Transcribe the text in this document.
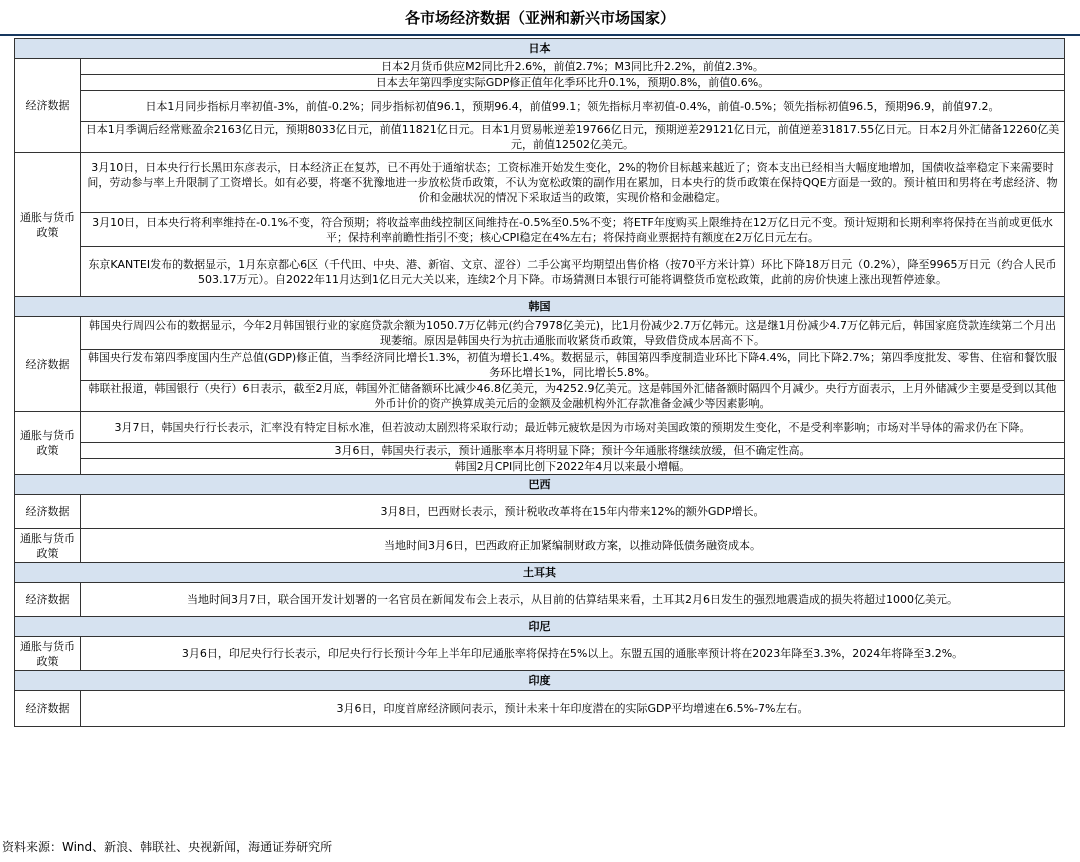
各市场经济数据（亚洲和新兴市场国家）
日本	
经济数据	日本2月货币供应M2同比升2.6%，前值2.7%；M3同比升2.2%，前值2.3%。
	日本去年第四季度实际GDP修正值年化季环比升0.1%，预期0.8%，前值0.6%。
	日本1月同步指标月率初值-3%，前值-0.2%；同步指标初值96.1，预期96.4，前值99.1；领先指标月率初值-0.4%，前值-0.5%；领先指标初值96.5，预期96.9，前值97.2。
	日本1月季调后经常账盈余2163亿日元，预期8033亿日元，前值11821亿日元。日本1月贸易帐逆差19766亿日元，预期逆差29121亿日元，前值逆差31817.55亿日元。日本2月外汇储备12260亿美元，前值12502亿美元。
通胀与货币政策	3月10日，日本央行行长黑田东彦表示，日本经济正在复苏，已不再处于通缩状态；工资标准开始发生变化，2%的物价目标越来越近了；资本支出已经相当大幅度地增加，国债收益率稳定下来需要时间，劳动参与率上升限制了工资增长。如有必要，将毫不犹豫地进一步放松货币政策，不认为宽松政策的副作用在累加，日本央行的货币政策在保持QQE方面是一致的。预计植田和男将在考虑经济、物价和金融状况的情况下采取适当的政策，实现价格和金融稳定。
	3月10日，日本央行将利率维持在-0.1%不变，符合预期；将收益率曲线控制区间维持在-0.5%至0.5%不变；将ETF年度购买上限维持在12万亿日元不变。预计短期和长期利率将保持在当前或更低水平；保持利率前瞻性指引不变；核心CPI稳定在4%左右；将保持商业票据持有额度在2万亿日元左右。
	东京KANTEI发布的数据显示，1月东京都心6区（千代田、中央、港、新宿、文京、涩谷）二手公寓平均期望出售价格（按70平方米计算）环比下降18万日元（0.2%），降至9965万日元（约合人民币503.17万元）。自2022年11月达到1亿日元大关以来，连续2个月下降。市场猜测日本银行可能将调整货币宽松政策，此前的房价快速上涨出现暂停迹象。
韩国	
经济数据	韩国央行周四公布的数据显示，今年2月韩国银行业的家庭贷款余额为1050.7万亿韩元(约合7978亿美元)，比1月份减少2.7万亿韩元。这是继1月份减少4.7万亿韩元后，韩国家庭贷款连续第二个月出现萎缩。原因是韩国央行为抗击通胀而收紧货币政策，导致借贷成本居高不下。
	韩国央行发布第四季度国内生产总值(GDP)修正值，当季经济同比增长1.3%，初值为增长1.4%。数据显示，韩国第四季度制造业环比下降4.4%，同比下降2.7%；第四季度批发、零售、住宿和餐饮服务环比增长1%，同比增长5.8%。
	韩联社报道，韩国银行（央行）6日表示，截至2月底，韩国外汇储备额环比减少46.8亿美元，为4252.9亿美元。这是韩国外汇储备额时隔四个月减少。央行方面表示，上月外储减少主要是受到以其他外币计价的资产换算成美元后的金额及金融机构外汇存款准备金减少等因素影响。
通胀与货币政策	3月7日，韩国央行行长表示，汇率没有特定目标水准，但若波动太剧烈将采取行动；最近韩元疲软是因为市场对美国政策的预期发生变化，不是受利率影响；市场对半导体的需求仍在下降。
	3月6日，韩国央行表示，预计通胀率本月将明显下降；预计今年通胀将继续放缓，但不确定性高。
	韩国2月CPI同比创下2022年4月以来最小增幅。
巴西	
经济数据	3月8日，巴西财长表示，预计税收改革将在15年内带来12%的额外GDP增长。
通胀与货币政策	当地时间3月6日，巴西政府正加紧编制财政方案，以推动降低债务融资成本。
土耳其	
经济数据	当地时间3月7日，联合国开发计划署的一名官员在新闻发布会上表示，从目前的估算结果来看，土耳其2月6日发生的强烈地震造成的损失将超过1000亿美元。
印尼	
通胀与货币政策	3月6日，印尼央行行长表示，印尼央行行长预计今年上半年印尼通胀率将保持在5%以上。东盟五国的通胀率预计将在2023年降至3.3%，2024年将降至3.2%。
印度	
经济数据	3月6日，印度首席经济顾问表示，预计未来十年印度潜在的实际GDP平均增速在6.5%-7%左右。
资料来源：Wind、新浪、韩联社、央视新闻，海通证券研究所
